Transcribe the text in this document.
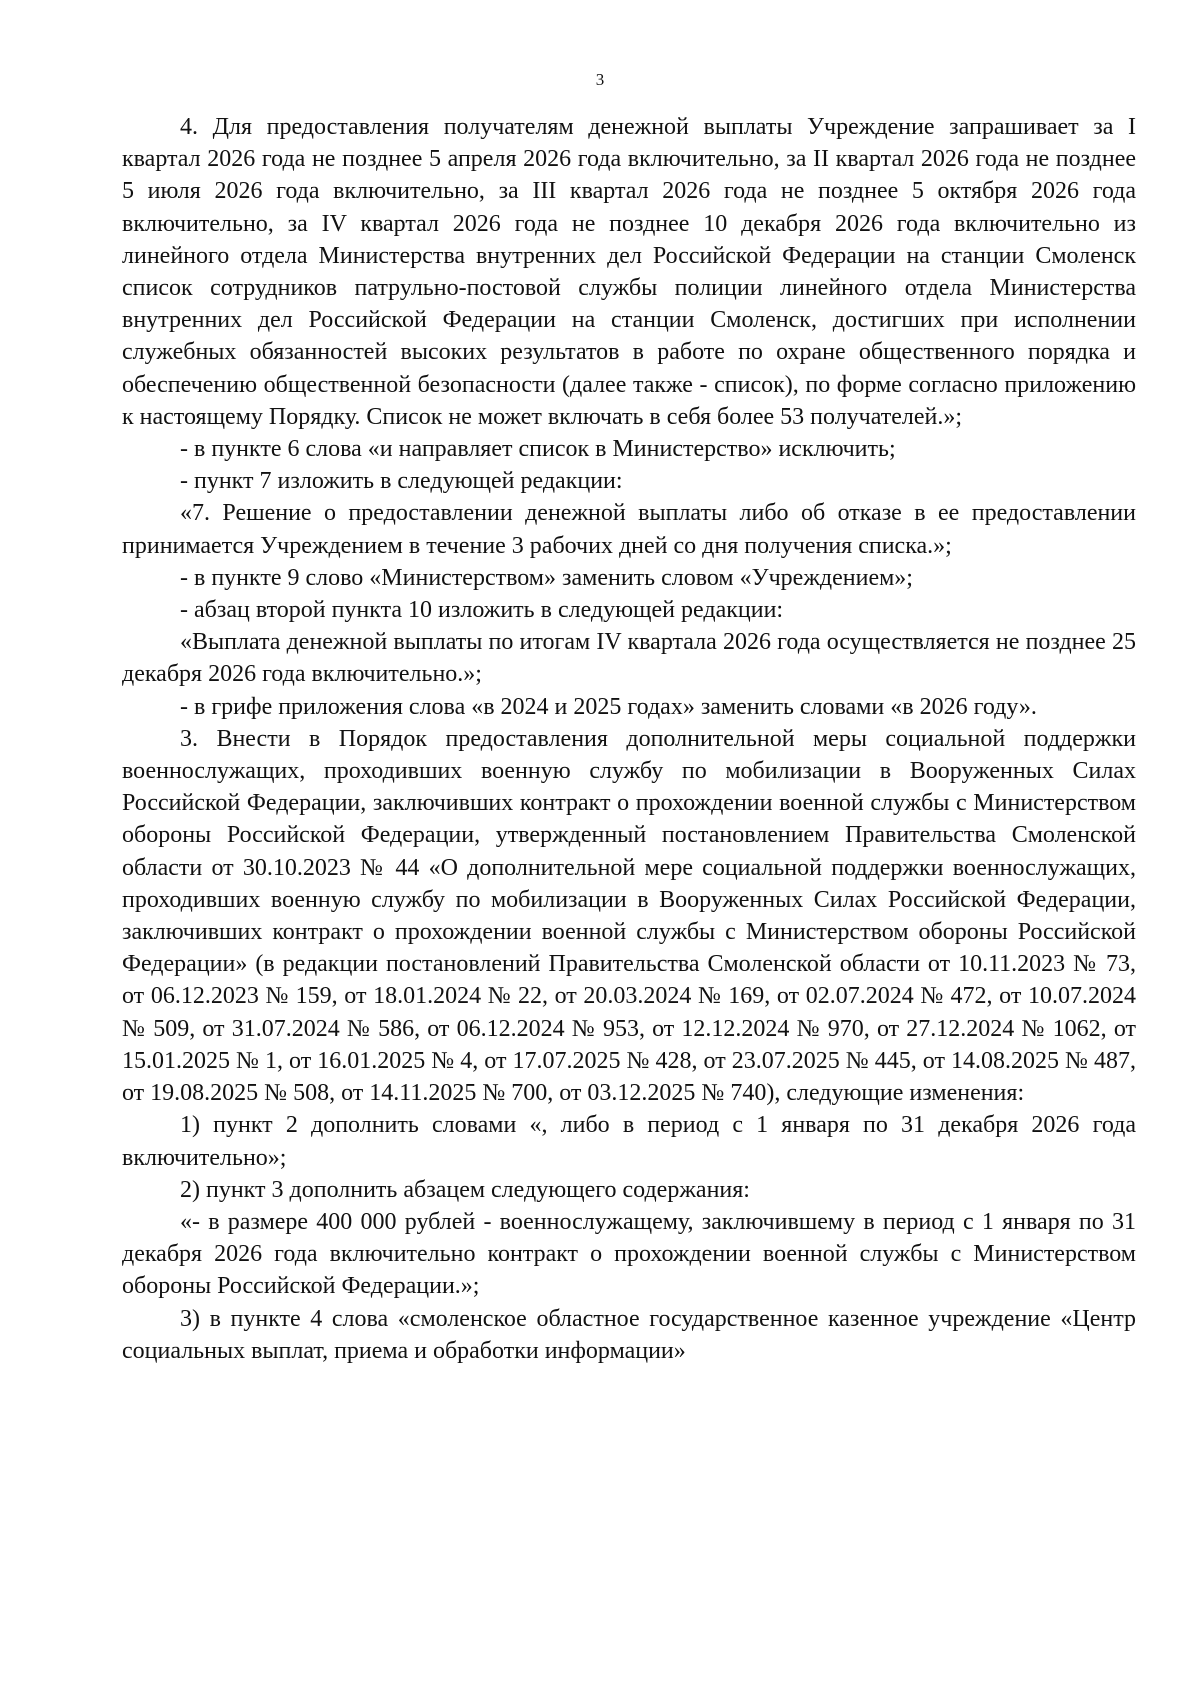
3

4. Для предоставления получателям денежной выплаты Учреждение запрашивает за I квартал 2026 года не позднее 5 апреля 2026 года включительно, за II квартал 2026 года не позднее 5 июля 2026 года включительно, за III квартал 2026 года не позднее 5 октября 2026 года включительно, за IV квартал 2026 года не позднее 10 декабря 2026 года включительно из линейного отдела Министерства внутренних дел Российской Федерации на станции Смоленск список сотрудников патрульно-постовой службы полиции линейного отдела Министерства внутренних дел Российской Федерации на станции Смоленск, достигших при исполнении служебных обязанностей высоких результатов в работе по охране общественного порядка и обеспечению общественной безопасности (далее также - список), по форме согласно приложению к настоящему Порядку. Список не может включать в себя более 53 получателей.»;

- в пункте 6 слова «и направляет список в Министерство» исключить;

- пункт 7 изложить в следующей редакции:

«7. Решение о предоставлении денежной выплаты либо об отказе в ее предоставлении принимается Учреждением в течение 3 рабочих дней со дня получения списка.»;

- в пункте 9 слово «Министерством» заменить словом «Учреждением»;

- абзац второй пункта 10 изложить в следующей редакции:

«Выплата денежной выплаты по итогам IV квартала 2026 года осуществляется не позднее 25 декабря 2026 года включительно.»;

- в грифе приложения слова «в 2024 и 2025 годах» заменить словами «в 2026 году».

3. Внести в Порядок предоставления дополнительной меры социальной поддержки военнослужащих, проходивших военную службу по мобилизации в Вооруженных Силах Российской Федерации, заключивших контракт о прохождении военной службы с Министерством обороны Российской Федерации, утвержденный постановлением Правительства Смоленской области от 30.10.2023 № 44 «О дополнительной мере социальной поддержки военнослужащих, проходивших военную службу по мобилизации в Вооруженных Силах Российской Федерации, заключивших контракт о прохождении военной службы с Министерством обороны Российской Федерации» (в редакции постановлений Правительства Смоленской области от 10.11.2023 № 73, от 06.12.2023 № 159, от 18.01.2024 № 22, от 20.03.2024 № 169, от 02.07.2024 № 472, от 10.07.2024 № 509, от 31.07.2024 № 586, от 06.12.2024 № 953, от 12.12.2024 № 970, от 27.12.2024 № 1062, от 15.01.2025 № 1, от 16.01.2025 № 4, от 17.07.2025 № 428, от 23.07.2025 № 445, от 14.08.2025 № 487, от 19.08.2025 № 508, от 14.11.2025 № 700, от 03.12.2025 № 740), следующие изменения:

1) пункт 2 дополнить словами «, либо в период с 1 января по 31 декабря 2026 года включительно»;

2) пункт 3 дополнить абзацем следующего содержания:

«- в размере 400 000 рублей - военнослужащему, заключившему в период с 1 января по 31 декабря 2026 года включительно контракт о прохождении военной службы с Министерством обороны Российской Федерации.»;

3) в пункте 4 слова «смоленское областное государственное казенное учреждение «Центр социальных выплат, приема и обработки информации»
